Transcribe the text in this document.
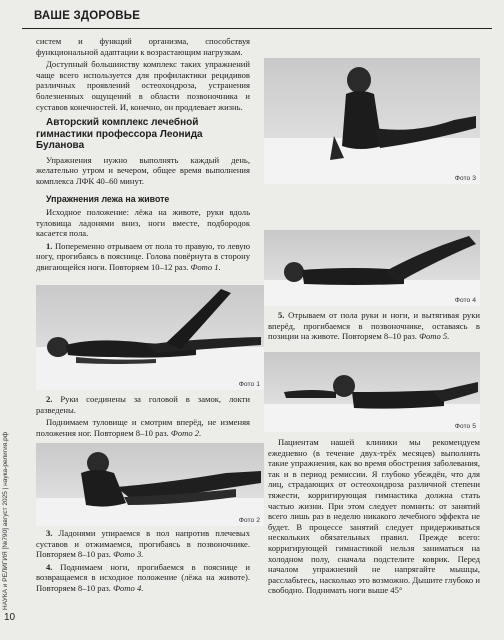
ВАШЕ ЗДОРОВЬЕ
НАУКА и РЕЛИГИЯ [№790] август 2025 | наука-религия.рф
10

систем и функций организма, способствуя функциональной адаптации к возрастающим нагрузкам.

Доступный большинству комплекс таких упражнений чаще всего используется для профилактики рецидивов различных проявлений остеохондроза, устранения болезненных ощущений в области позвоночника и суставов конечностей. И, конечно, он продлевает жизнь.

Авторский комплекс лечебной гимнастики профессора Леонида Буланова

Упражнения нужно выполнять каждый день, желательно утром и вечером, общее время выполнения комплекса ЛФК 40–60 минут.

Упражнения лежа на животе

Исходное положение: лёжа на животе, руки вдоль туловища ладонями вниз, ноги вместе, подбородок касается пола.

1. Попеременно отрываем от пола то правую, то левую ногу, прогибаясь в пояснице. Голова повёрнута в сторону двигающейся ноги. Повторяем 10–12 раз. Фото 1.

Фото 1

2. Руки соединены за головой в замок, локти разведены.

Поднимаем туловище и смотрим вперёд, не изменяя положения ног. Повторяем 8–10 раз. Фото 2.

Фото 2

3. Ладонями упираемся в пол напротив плечевых суставов и отжимаемся, прогибаясь в позвоночнике. Повторяем 8–10 раз. Фото 3.

4. Поднимаем ноги, прогибаемся в пояснице и возвращаемся в исходное положение (лёжа на животе). Повторяем 8–10 раз. Фото 4.

Фото 3
Фото 4

5. Отрываем от пола руки и ноги, и вытягивая руки вперёд, прогибаемся в позвоночнике, оставаясь в позиции на животе. Повторяем 8–10 раз. Фото 5.

Фото 5

Пациентам нашей клиники мы рекомендуем ежедневно (в течение двух-трёх месяцев) выполнять такие упражнения, как во время обострения заболевания, так и в период ремиссии. Я глубоко убеждён, что для лиц, страдающих от остеохондроза различной степени тяжести, корригирующая гимнастика должна стать частью жизни. При этом следует помнить: от занятий всего лишь раз в неделю никакого лечебного эффекта не будет. В процессе занятий следует придерживаться нескольких обязательных правил. Прежде всего: корригирующей гимнастикой нельзя заниматься на холодном полу, сначала подстелите коврик. Перед началом упражнений не напрягайте мышцы, расслабьтесь, насколько это возможно. Дышите глубоко и свободно. Поднимать ноги выше 45°
